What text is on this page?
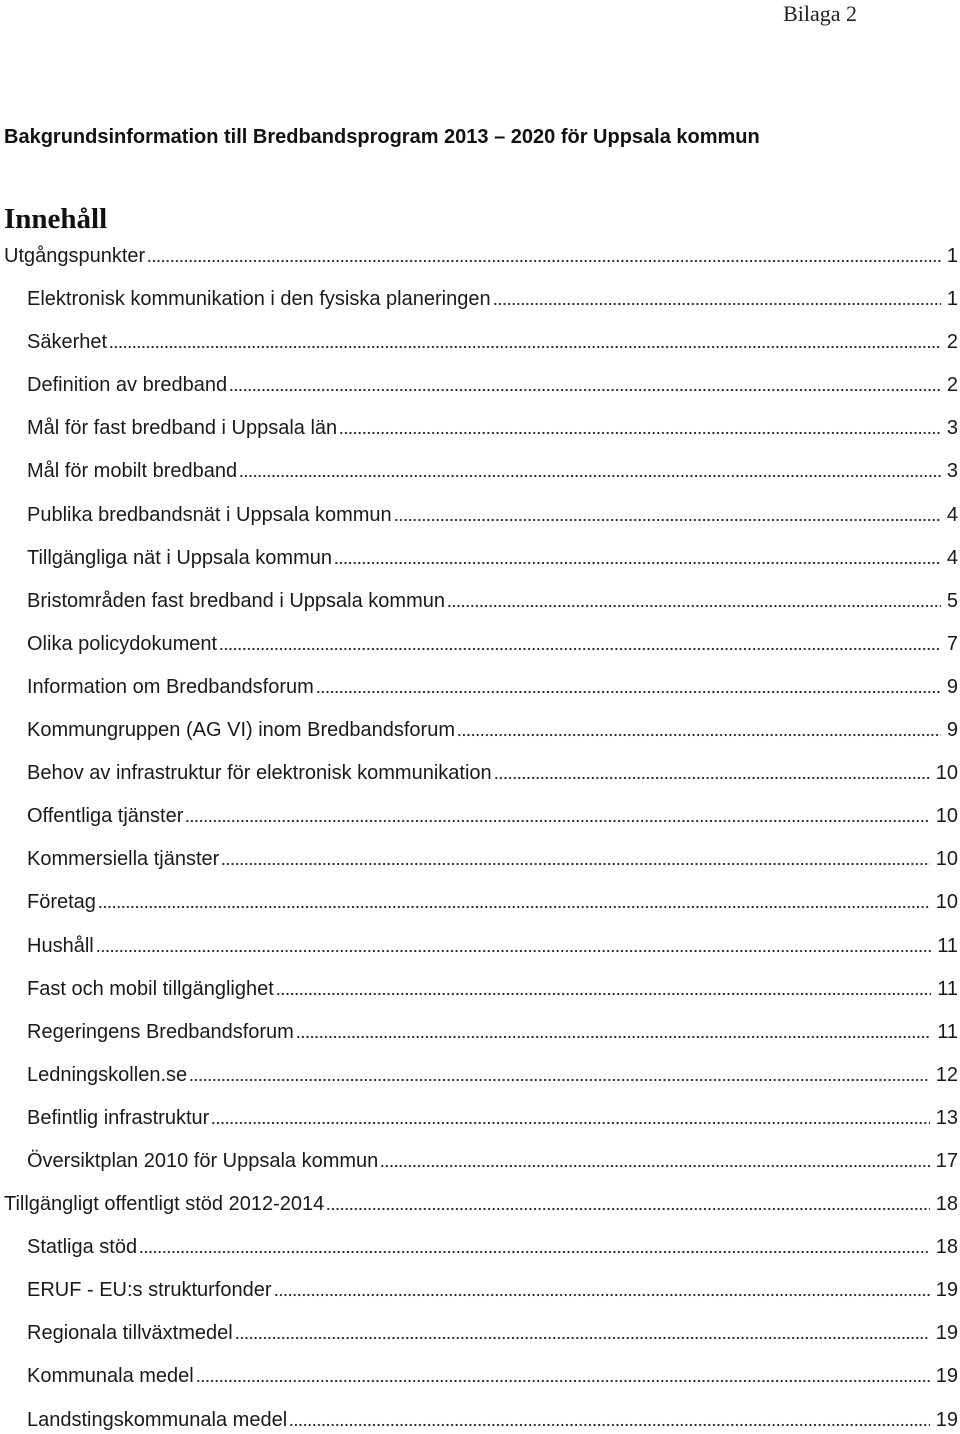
Bilaga 2
Bakgrundsinformation till Bredbandsprogram 2013 – 2020 för Uppsala kommun
Innehåll
Utgångspunkter	1
Elektronisk kommunikation i den fysiska planeringen	1
Säkerhet	2
Definition av bredband	2
Mål för fast bredband i Uppsala län	3
Mål för mobilt bredband	3
Publika bredbandsnät i Uppsala kommun	4
Tillgängliga nät i Uppsala kommun	4
Bristområden fast bredband i Uppsala kommun	5
Olika policydokument	7
Information om Bredbandsforum	9
Kommungruppen (AG VI) inom Bredbandsforum	9
Behov av infrastruktur för elektronisk kommunikation	10
Offentliga tjänster	10
Kommersiella tjänster	10
Företag	10
Hushåll	11
Fast och mobil tillgänglighet	11
Regeringens Bredbandsforum	11
Ledningskollen.se	12
Befintlig infrastruktur	13
Översiktplan 2010 för Uppsala kommun	17
Tillgängligt offentligt stöd 2012-2014	18
Statliga stöd	18
ERUF - EU:s strukturfonder	19
Regionala tillväxtmedel	19
Kommunala medel	19
Landstingskommunala medel	19
